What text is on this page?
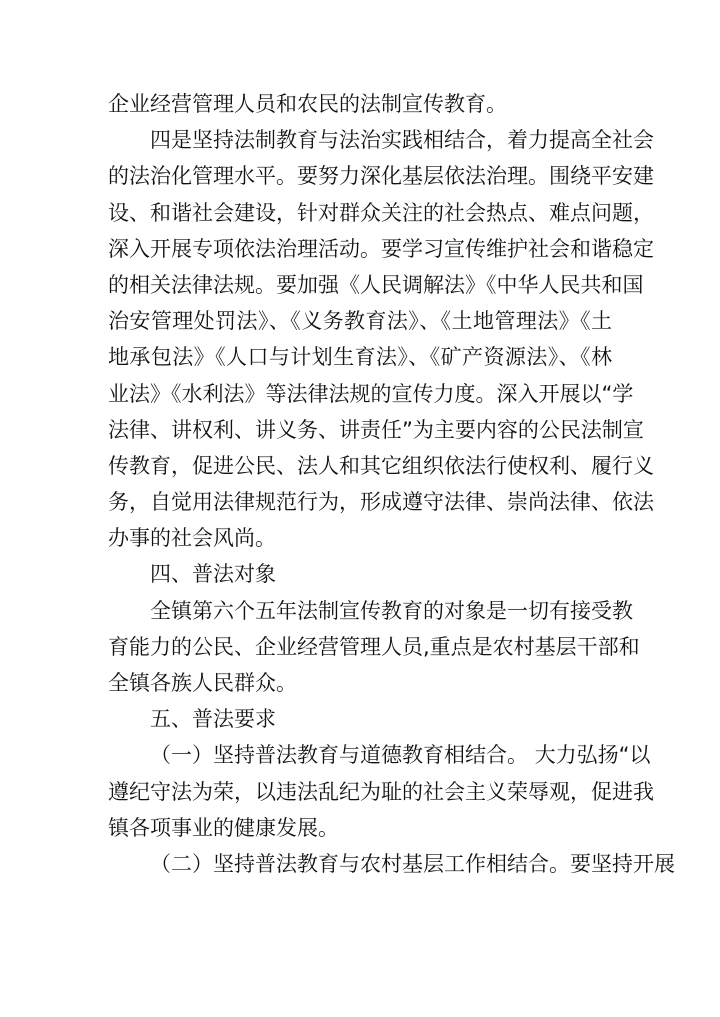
企业经营管理人员和农民的法制宣传教育。
四是坚持法制教育与法治实践相结合，着力提高全社会
的法治化管理水平。要努力深化基层依法治理。围绕平安建
设、和谐社会建设，针对群众关注的社会热点、难点问题，
深入开展专项依法治理活动。要学习宣传维护社会和谐稳定
的相关法律法规。要加强《人民调解法》《中华人民共和国
治安管理处罚法》、《义务教育法》、《土地管理法》《土
地承包法》《人口与计划生育法》、《矿产资源法》、《林
业法》《水利法》等法律法规的宣传力度。深入开展以“学
法律、讲权利、讲义务、讲责任”为主要内容的公民法制宣
传教育，促进公民、法人和其它组织依法行使权利、履行义
务，自觉用法律规范行为，形成遵守法律、崇尚法律、依法
办事的社会风尚。
四、普法对象
全镇第六个五年法制宣传教育的对象是一切有接受教
育能力的公民、企业经营管理人员,重点是农村基层干部和
全镇各族人民群众。
五、普法要求
（一）坚持普法教育与道德教育相结合。 大力弘扬“以
遵纪守法为荣，以违法乱纪为耻的社会主义荣辱观，促进我
镇各项事业的健康发展。
（二）坚持普法教育与农村基层工作相结合。要坚持开展
